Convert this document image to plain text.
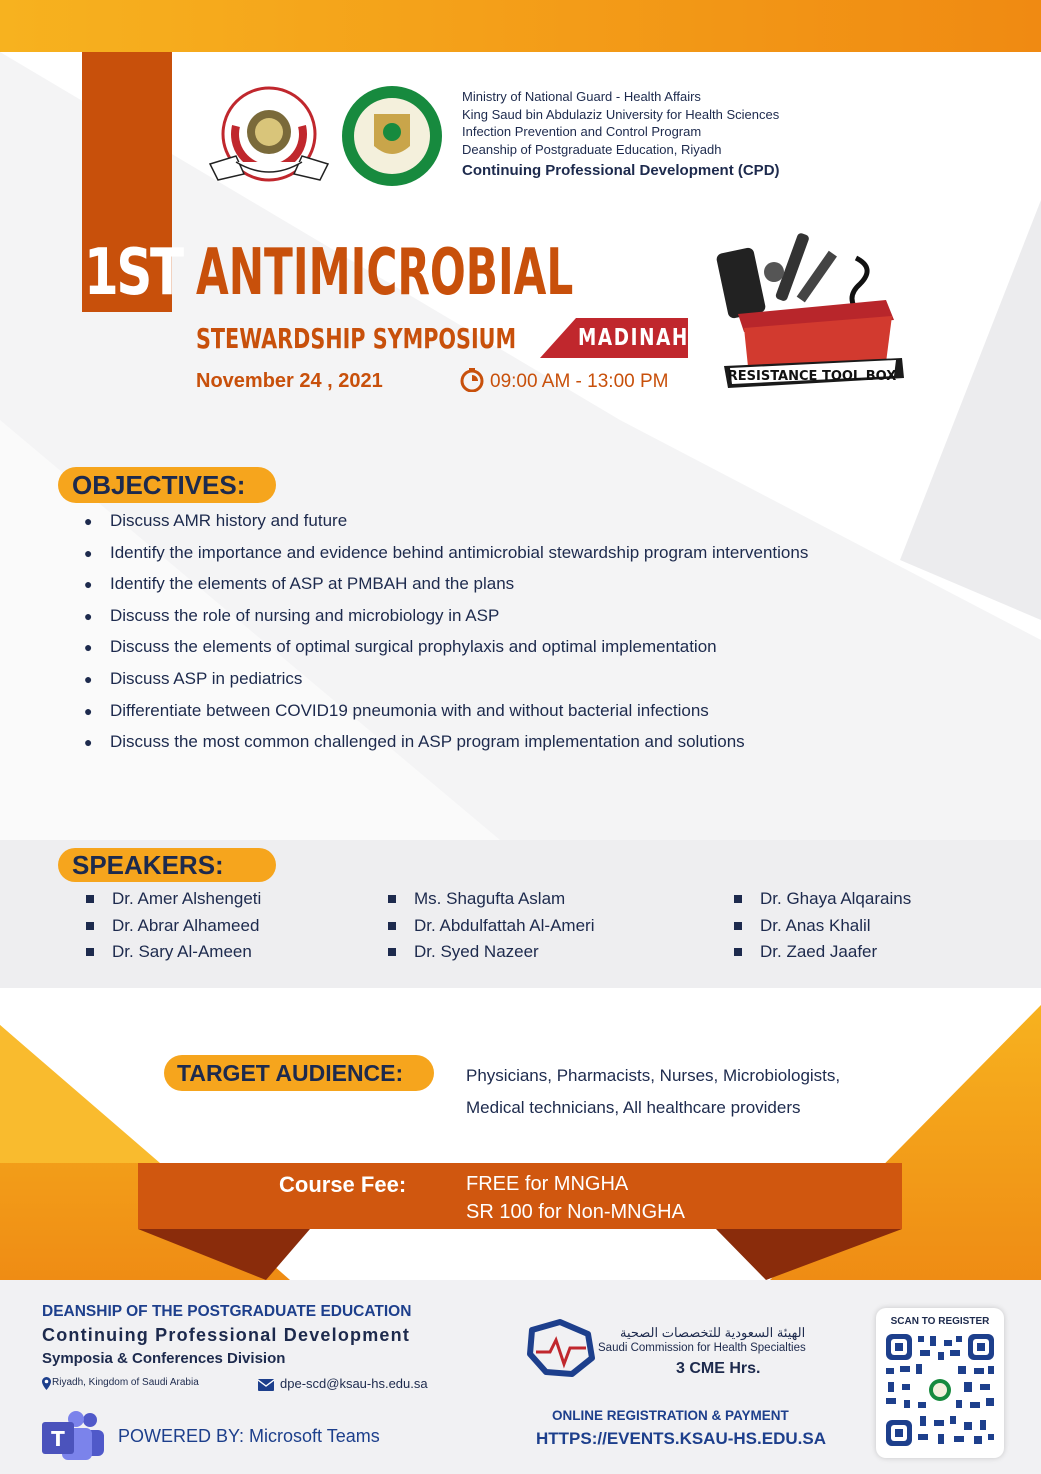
Ministry of National Guard - Health Affairs
King Saud bin Abdulaziz University for Health Sciences
Infection Prevention and Control Program
Deanship of Postgraduate Education, Riyadh
Continuing Professional Development (CPD)
1ST ANTIMICROBIAL
STEWARDSHIP SYMPOSIUM	MADINAH
November 24 , 2021	09:00 AM - 13:00 PM	RESISTANCE TOOL BOX
OBJECTIVES:
●	Discuss AMR history and future
●	Identify the importance and evidence behind antimicrobial stewardship program interventions
●	Identify the elements of ASP at PMBAH and the plans
●	Discuss the role of nursing and microbiology in ASP
●	Discuss the elements of optimal surgical prophylaxis and optimal implementation
●	Discuss ASP in pediatrics
●	Differentiate between COVID19 pneumonia with and without bacterial infections
●	Discuss the most common challenged in ASP program implementation and solutions
SPEAKERS:
Dr. Amer Alshengeti
Dr. Abrar Alhameed
Dr. Sary Al-Ameen
Ms. Shagufta Aslam
Dr. Abdulfattah Al-Ameri
Dr. Syed Nazeer
Dr. Ghaya Alqarains
Dr. Anas Khalil
Dr. Zaed Jaafer
TARGET AUDIENCE:	Physicians, Pharmacists, Nurses, Microbiologists,
Medical technicians, All healthcare providers
Course Fee:	FREE for MNGHA
SR 100 for Non-MNGHA
DEANSHIP OF THE POSTGRADUATE EDUCATION
Continuing Professional Development
Symposia & Conferences Division
Riyadh, Kingdom of Saudi Arabia	dpe-scd@ksau-hs.edu.sa
T	POWERED BY: Microsoft Teams
الهيئة السعودية للتخصصات الصحية
Saudi Commission for Health Specialties
3 CME Hrs.
ONLINE REGISTRATION & PAYMENT
HTTPS://EVENTS.KSAU-HS.EDU.SA
SCAN TO REGISTER
